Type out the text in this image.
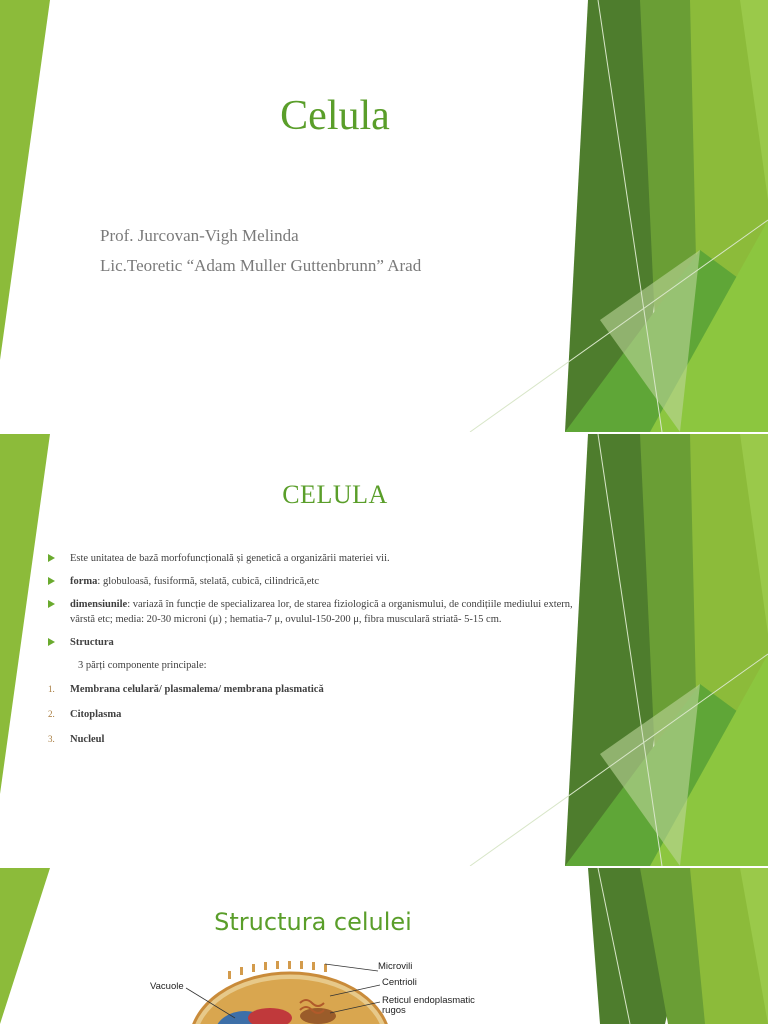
Celula

Prof. Jurcovan-Vigh Melinda

Lic.Teoretic “Adam Muller Guttenbrunn” Arad

CELULA
Este unitatea de bază morfofuncțională și genetică a organizării materiei vii.
forma: globuloasă, fusiformă, stelată, cubică, cilindrică,etc
dimensiunile: variază în funcție de specializarea lor, de starea fiziologică a organismului, de condițiile mediului extern, vârstă etc; media: 20-30 microni (μ) ; hematia-7 μ, ovulul-150-200 μ, fibra musculară striată- 5-15 cm.
Structura
3 părți componente principale:
1. Membrana celulară/ plasmalema/ membrana plasmatică
2. Citoplasma
3. Nucleul
Structura celulei
Microvili
Centrioli
Vacuole
Reticul endoplasmatic rugos
